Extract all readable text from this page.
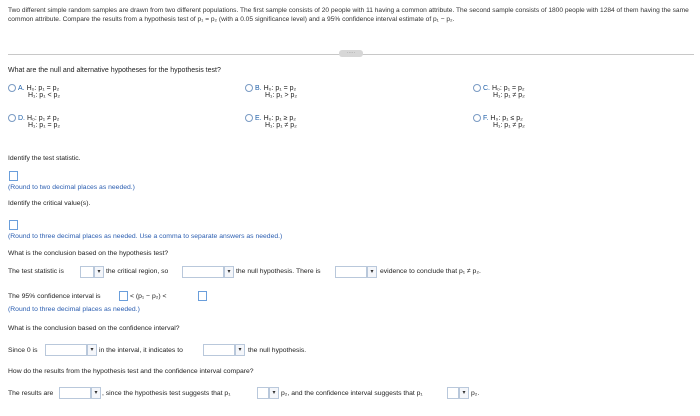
Two different simple random samples are drawn from two different populations. The first sample consists of 20 people with 11 having a common attribute. The second sample consists of 1800 people with 1284 of them having the same common attribute. Compare the results from a hypothesis test of p₁ = p₂ (with a 0.05 significance level) and a 95% confidence interval estimate of p₁ − p₂.
·····
What are the null and alternative hypotheses for the hypothesis test?
A. H₀: p₁ = p₂
H₁: p₁ < p₂
B. H₀: p₁ = p₂
H₁: p₁ > p₂
C. H₀: p₁ = p₂
H₁: p₁ ≠ p₂
D. H₀: p₁ ≠ p₂
H₁: p₁ = p₂
E. H₀: p₁ ≥ p₂
H₁: p₁ ≠ p₂
F. H₀: p₁ ≤ p₂
H₁: p₁ ≠ p₂
Identify the test statistic.
(Round to two decimal places as needed.)
Identify the critical value(s).
(Round to three decimal places as needed. Use a comma to separate answers as needed.)
What is the conclusion based on the hypothesis test?
The test statistic is	▾ the critical region, so	▾ the null hypothesis. There is	▾ evidence to conclude that p₁ ≠ p₂.
The 95% confidence interval is	< (p₁ − p₂) <
(Round to three decimal places as needed.)
What is the conclusion based on the confidence interval?
Since 0 is	▾ in the interval, it indicates to	▾ the null hypothesis.
How do the results from the hypothesis test and the confidence interval compare?
The results are	▾ , since the hypothesis test suggests that p₁	▾ p₂, and the confidence interval suggests that p₁	▾ p₂.
